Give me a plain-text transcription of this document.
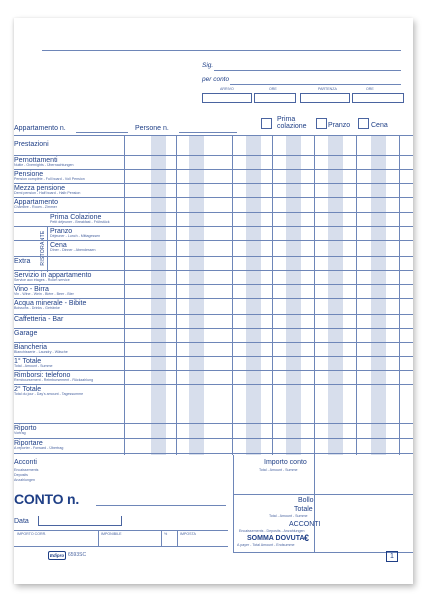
Sig.
per conto
ARRIVO	ORE	PARTENZA	ORE
Appartamento n.	Persone n.
Prima colazione	Pranzo	Cena
RISTORANTE
Acconti
Encaissements
Deposits
Anzahlungen
CONTO n.
Data
IMPORTO CORR.	IMPONIBILE	%	IMPOSTA
Importo conto
Total - Amount - Summe
Bollo
Totale
Total - Amount - Summe
ACCONTI
Encaissements - Deposits - Anzahlungen
SOMMA DOVUTA €
A payer - Total Amount - Endsumme
Edipro 6593SC	1
Prestazioni
Pernottamenti
Nuitie - Overnights - Übernachtungen
Pensione
Pension complète - Full board - Voll Pension
Mezza pensione
Demi pension - Half board - Halb Pension
Appartamento
Chambre - Room - Zimmer
Prima Colazione
Petit déjeuner - Breakfast - Frühstück
Pranzo
Déjeuner - Lunch - Mittagessen
Cena
Dîner - Dinner - Abendessen
Extra
Servizio in appartamento
Service aux étages - Room service
Vino - Birra
Vin - Wine - Wein - Bière - Beer - Bier
Acqua minerale - Bibite
Boissons - Drinks - Getränke
Caffetteria - Bar
Garage
Biancheria
Blanchisserie - Laundry - Wäsche
1° Totale
Total - Amount - Summe
Rimborsi: telefono
Remboursement - Reimbursement - Rückzahlung
2° Totale
Total du jour - Day's amount - Tagessumme
Riporto
Vortrag
Riportare
A reporter - Forward - Übertrag
